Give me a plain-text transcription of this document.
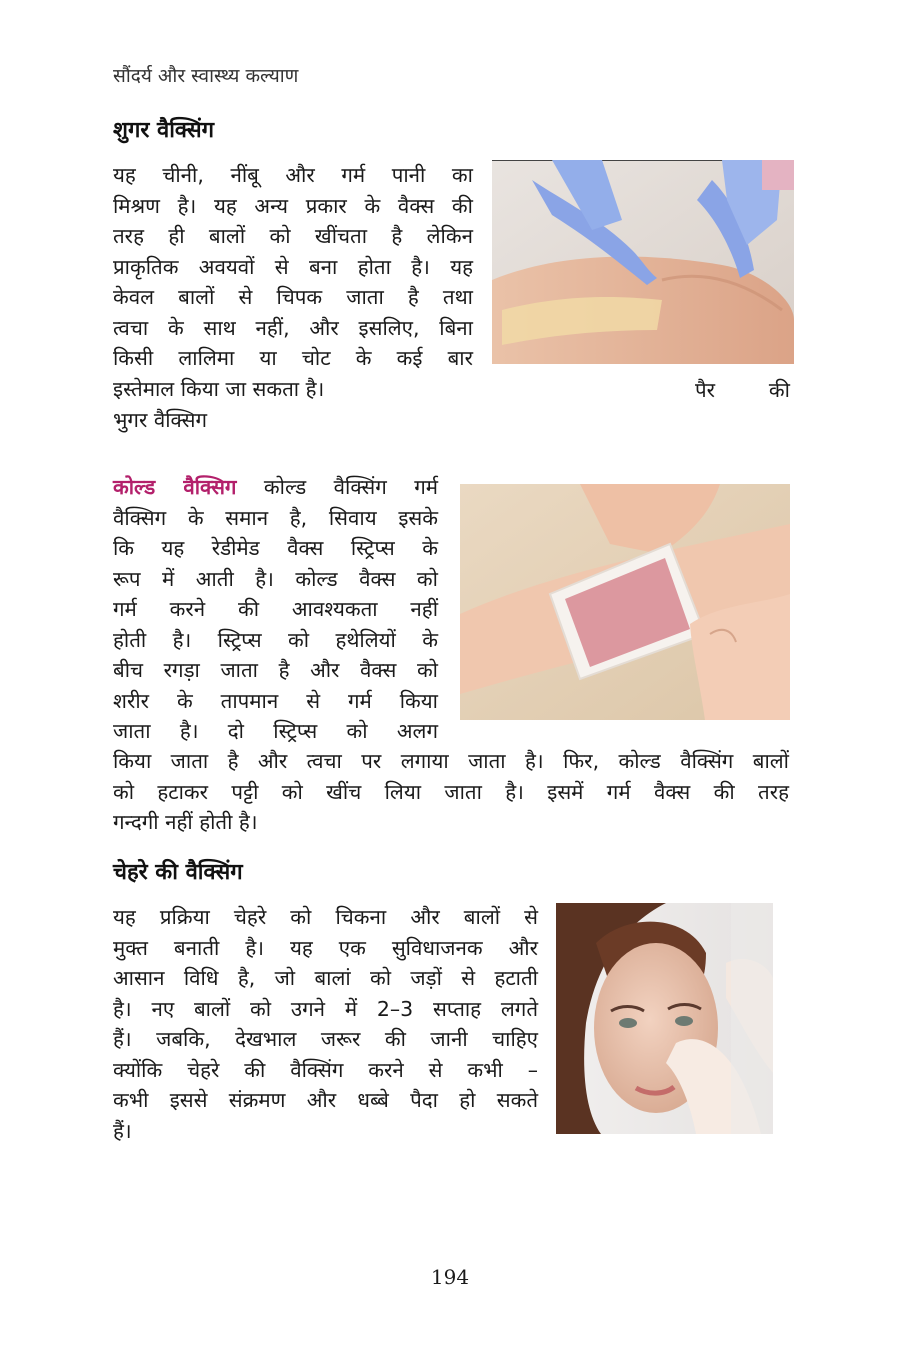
सौंदर्य और स्वास्थ्य कल्याण
शुगर वैक्सिंग
यह चीनी, नींबू और गर्म पानी का
मिश्रण है। यह अन्य प्रकार के वैक्स की
तरह ही बालों को खींचता है लेकिन
प्राकृतिक अवयवों से बना होता है। यह
केवल बालों से चिपक जाता है तथा
त्वचा के साथ नहीं, और इसलिए, बिना
किसी लालिमा या चोट के कई बार
इस्तेमाल किया जा सकता है।	पैर की
भुगर वैक्सिग
कोल्ड वैक्सिग कोल्ड वैक्सिंग गर्म
वैक्सिग के समान है, सिवाय इसके
कि यह रेडीमेड वैक्स स्ट्रिप्स के
रूप में आती है। कोल्ड वैक्स को
गर्म करने की आवश्यकता नहीं
होती है। स्ट्रिप्स को हथेलियों के
बीच रगड़ा जाता है और वैक्स को
शरीर के तापमान से गर्म किया
जाता है। दो स्ट्रिप्स को अलग
किया जाता है और त्वचा पर लगाया जाता है। फिर, कोल्ड वैक्सिंग बालों
को हटाकर पट्टी को खींच लिया जाता है। इसमें गर्म वैक्स की तरह
गन्दगी नहीं होती है।
चेहरे की वैक्सिंग
यह प्रक्रिया चेहरे को चिकना और बालों से
मुक्त बनाती है। यह एक सुविधाजनक और
आसान विधि है, जो बालां को जड़ों से हटाती
है। नए बालों को उगने में 2–3 सप्ताह लगते
हैं। जबकि, देखभाल जरूर की जानी चाहिए
क्योंकि चेहरे की वैक्सिंग करने से कभी –
कभी इससे संक्रमण और धब्बे पैदा हो सकते
हैं।
194
